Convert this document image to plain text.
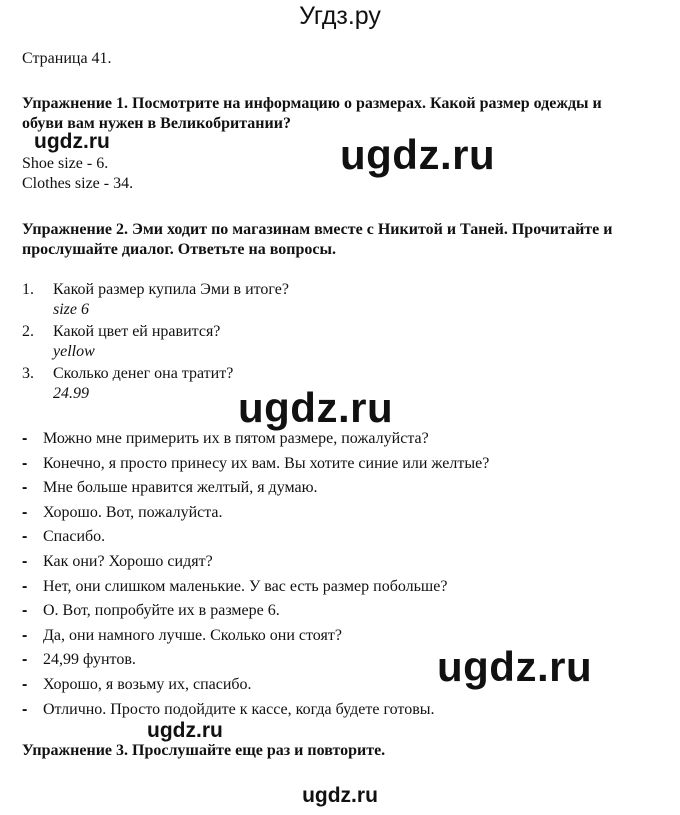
Угдз.ру
Страница 41.

Упражнение 1. Посмотрите на информацию о размерах. Какой размер одежды и обуви вам нужен в Великобритании?

Shoe size - 6.
Clothes size - 34.

Упражнение 2. Эми ходит по магазинам вместе с Никитой и Таней. Прочитайте и прослушайте диалог. Ответьте на вопросы.

1. Какой размер купила Эми в итоге?
size 6
2. Какой цвет ей нравится?
yellow
3. Сколько денег она тратит?
24.99
- Можно мне примерить их в пятом размере, пожалуйста?
- Конечно, я просто принесу их вам. Вы хотите синие или желтые?
- Мне больше нравится желтый, я думаю.
- Хорошо. Вот, пожалуйста.
- Спасибо.
- Как они? Хорошо сидят?
- Нет, они слишком маленькие. У вас есть размер побольше?
- О. Вот, попробуйте их в размере 6.
- Да, они намного лучше. Сколько они стоят?
- 24,99 фунтов.
- Хорошо, я возьму их, спасибо.
- Отлично. Просто подойдите к кассе, когда будете готовы.

Упражнение 3. Прослушайте еще раз и повторите.

ugdz.ru	ugdz.ru
ugdz.ru
ugdz.ru
ugdz.ru
ugdz.ru
